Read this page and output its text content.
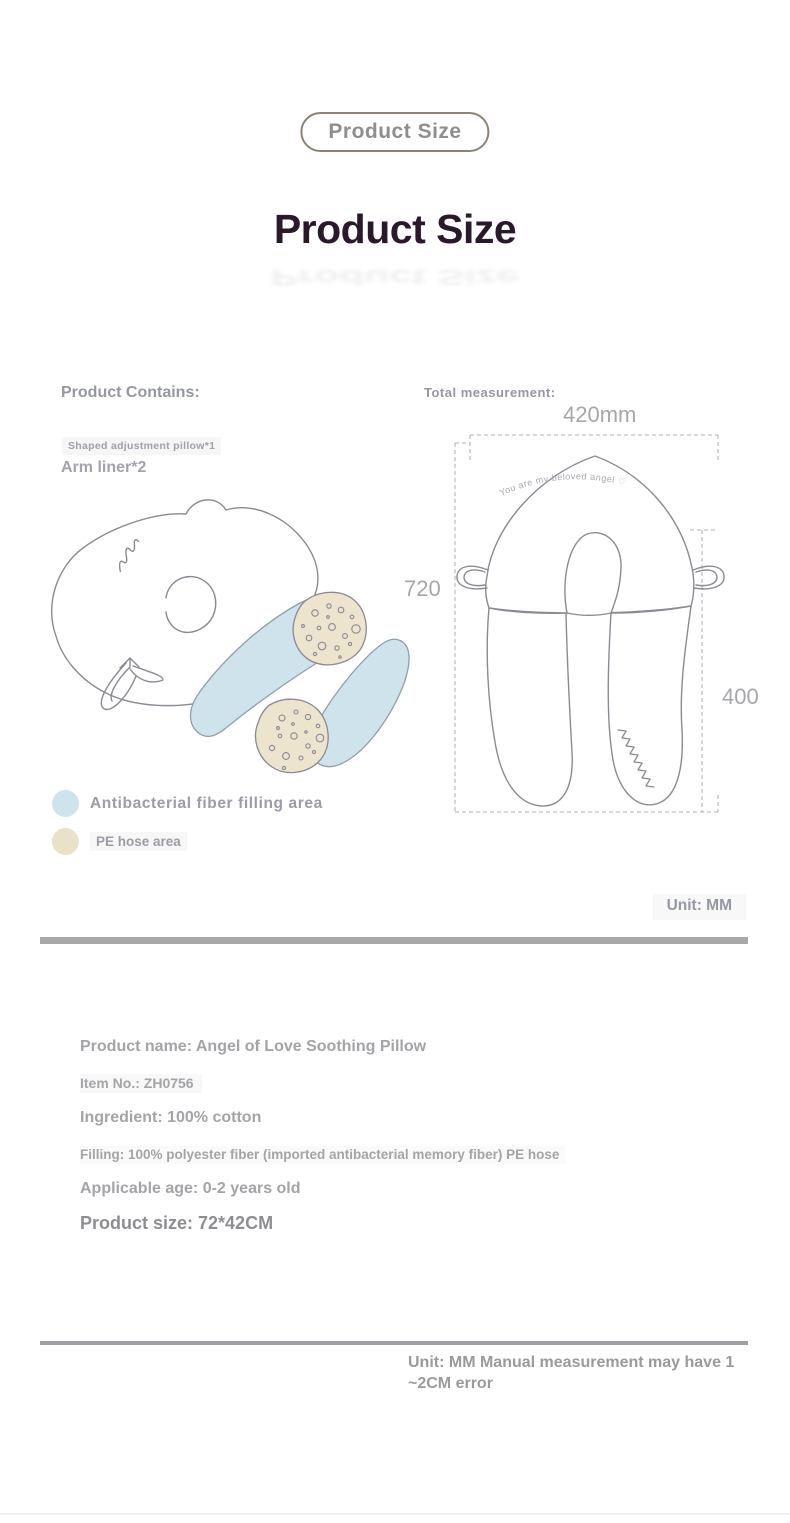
Product Size
Product Size
Product Size
Product Contains:
Shaped adjustment pillow*1
Arm liner*2
Total measurement:
You are my beloved angel ♡
420mm
720
400
Antibacterial fiber filling area
PE hose area
Unit: MM
Product name: Angel of Love Soothing Pillow
Item No.: ZH0756
Ingredient: 100% cotton
Filling: 100% polyester fiber (imported antibacterial memory fiber) PE hose
Applicable age: 0-2 years old
Product size: 72*42CM
Unit: MM Manual measurement may have 1 ~2CM error
